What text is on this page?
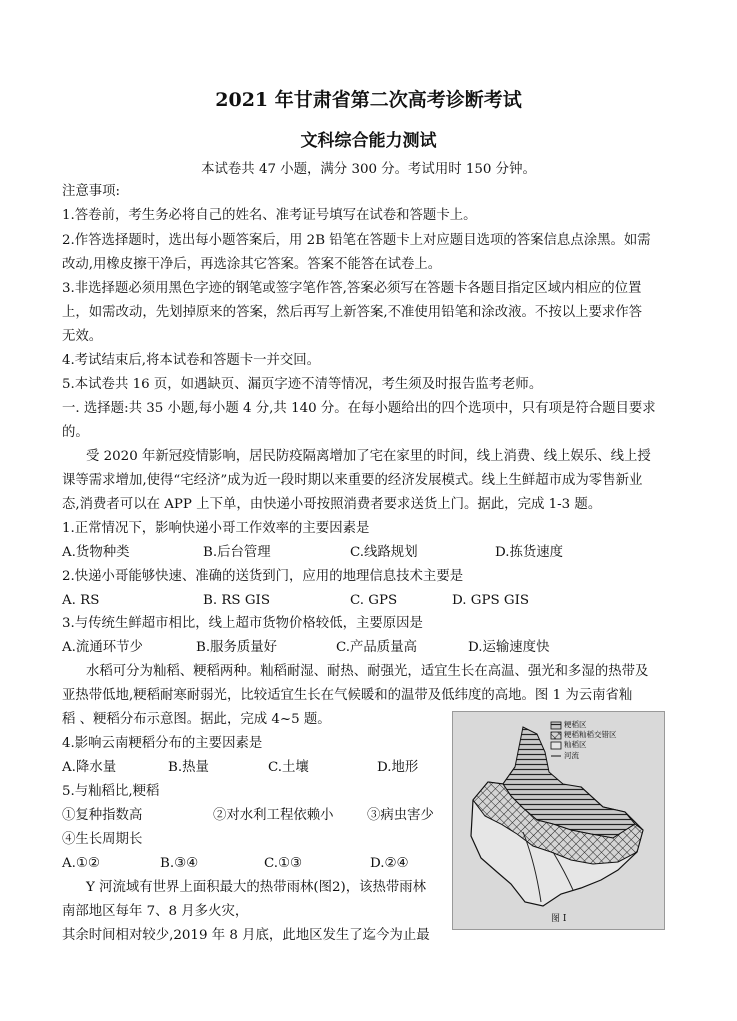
2021 年甘肃省第二次高考诊断考试
文科综合能力测试
本试卷共 47 小题，满分 300 分。考试用时 150 分钟。
注意事项:
1.答卷前，考生务必将自己的姓名、准考证号填写在试卷和答题卡上。
2.作答选择题时，选出每小题答案后，用 2B 铅笔在答题卡上对应题目选项的答案信息点涂黑。如需
改动,用橡皮擦干净后，再选涂其它答案。答案不能答在试卷上。
3.非选择题必须用黑色字迹的钢笔或签字笔作答,答案必须写在答题卡各题目指定区域内相应的位置
上，如需改动，先划掉原来的答案，然后再写上新答案,不准使用铅笔和涂改液。不按以上要求作答
无效。
4.考试结束后,将本试卷和答题卡一并交回。
5.本试卷共 16 页，如遇缺页、漏页字迹不清等情况，考生须及时报告监考老师。
一. 选择题:共 35 小题,每小题 4 分,共 140 分。在每小题给出的四个选项中，只有项是符合题目要求
的。
受 2020 年新冠疫情影响，居民防疫隔离增加了宅在家里的时间，线上消费、线上娱乐、线上授
课等需求增加,使得“宅经济”成为近一段时期以来重要的经济发展模式。线上生鲜超市成为零售新业
态,消费者可以在 APP 上下单，由快递小哥按照消费者要求送货上门。据此，完成 1-3 题。
1.正常情况下，影响快递小哥工作效率的主要因素是
A.货物种类	B.后台管理	C.线路规划	D.拣货速度
2.快递小哥能够快速、准确的送货到门，应用的地理信息技术主要是
A. RS	B. RS GIS	C. GPS	D. GPS GIS
3.与传统生鲜超市相比，线上超市货物价格较低，主要原因是
A.流通环节少	B.服务质量好	C.产品质量高	D.运输速度快
水稻可分为籼稻、粳稻两种。籼稻耐湿、耐热、耐强光，适宜生长在高温、强光和多湿的热带及
亚热带低地,粳稻耐寒耐弱光，比较适宜生长在气候暖和的温带及低纬度的高地。图 1 为云南省籼
稻 、粳稻分布示意图。据此，完成 4~5 题。
4.影响云南粳稻分布的主要因素是
A.降水量	B.热量	C.土壤	D.地形
5.与籼稻比,粳稻
①复种指数高	②对水利工程依赖小 ③病虫害少
④生长周期长
A.①②	B.③④	C.①③	D.②④
Y 河流域有世界上面积最大的热带雨林(图2)，该热带雨林
南部地区每年 7、8 月多火灾，
其余时间相对较少,2019 年 8 月底，此地区发生了迄今为止最
粳稻区
粳稻籼稻交错区
籼稻区
河流
图 I
